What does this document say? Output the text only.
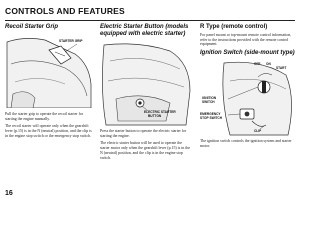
CONTROLS AND FEATURES
Recoil Starter Grip
STARTER GRIP

Pull the starter grip to operate the recoil starter for starting the engine manually.

The recoil starter will operate only when the gearshift lever (p.15) is in the N (neutral) position, and the clip is in the engine stop switch or the emergency stop switch.

Electric Starter Button (models
equipped with electric starter)
ELECTRIC STARTER
BUTTON

Press the starter button to operate the electric starter for starting the engine.

The electric starter button will be used to operate the starter motor only when the gearshift lever (p.15) is in the N (neutral) position, and the clip is in the engine stop switch.

R Type (remote control)

For panel mount or top-mount remote control information, refer to the instructions provided with the remote control equipment.

Ignition Switch (side-mount type)
OFF ON
START
IGNITION
SWITCH
EMERGENCY
STOP SWITCH
CLIP

The ignition switch controls the ignition system and starter motor.

16
